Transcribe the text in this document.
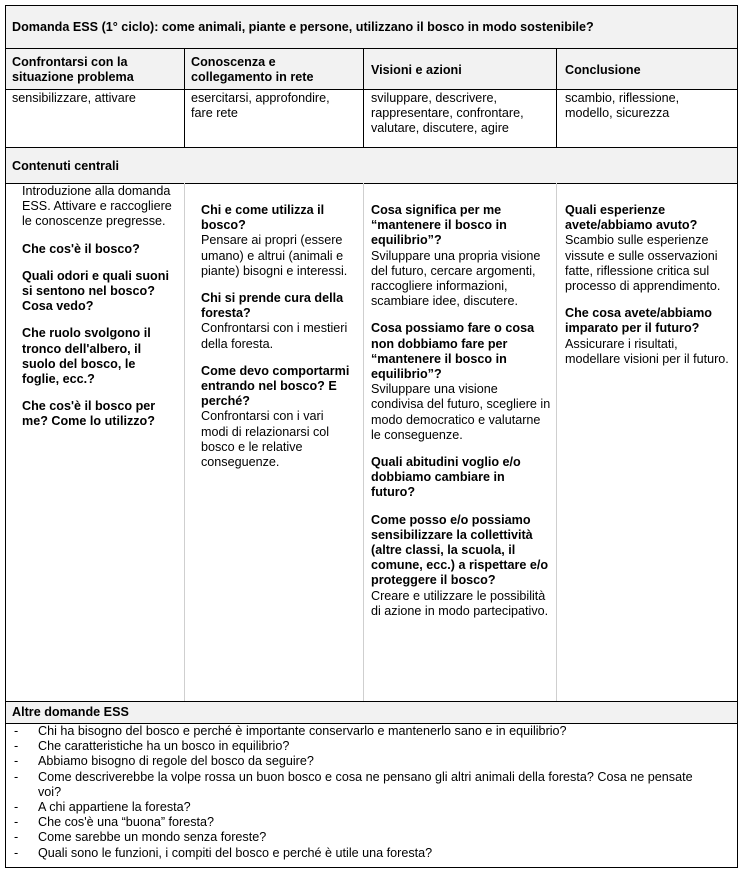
Domanda ESS (1° ciclo): come animali, piante e persone, utilizzano il bosco in modo sostenibile?
Confrontarsi con la situazione problema
Conoscenza e collegamento in rete
Visioni e azioni	Conclusione
sensibilizzare, attivare	esercitarsi, approfondire, fare rete
sviluppare, descrivere, rappresentare, confrontare, valutare, discutere, agire
scambio, riflessione, modello, sicurezza
Contenuti centrali

Introduzione alla domanda ESS. Attivare e raccogliere le conoscenze pregresse.

Che cos'è il bosco?

Quali odori e quali suoni si sentono nel bosco? Cosa vedo?

Che ruolo svolgono il tronco dell'albero, il suolo del bosco, le foglie, ecc.?

Che cos'è il bosco per me? Come lo utilizzo?

Chi e come utilizza il bosco?

Pensare ai propri (essere umano) e altrui (animali e piante) bisogni e interessi.

Chi si prende cura della foresta?

Confrontarsi con i mestieri della foresta.

Come devo comportarmi entrando nel bosco? E perché?

Confrontarsi con i vari modi di relazionarsi col bosco e le relative conseguenze.

Cosa significa per me “mantenere il bosco in equilibrio”?

Sviluppare una propria visione del futuro, cercare argomenti, raccogliere informazioni, scambiare idee, discutere.

Cosa possiamo fare o cosa non dobbiamo fare per “mantenere il bosco in equilibrio”?

Sviluppare una visione condivisa del futuro, scegliere in modo democratico e valutarne le conseguenze.

Quali abitudini voglio e/o dobbiamo cambiare in futuro?

Come posso e/o possiamo sensibilizzare la collettività (altre classi, la scuola, il comune, ecc.) a rispettare e/o proteggere il bosco?

Creare e utilizzare le possibilità di azione in modo partecipativo.

Quali esperienze avete/abbiamo avuto?

Scambio sulle esperienze vissute e sulle osservazioni fatte, riflessione critica sul processo di apprendimento.

Che cosa avete/abbiamo imparato per il futuro?

Assicurare i risultati, modellare visioni per il futuro.

Altre domande ESS
- Chi ha bisogno del bosco e perché è importante conservarlo e mantenerlo sano e in equilibrio?
- Che caratteristiche ha un bosco in equilibrio?
- Abbiamo bisogno di regole del bosco da seguire?
- Come descriverebbe la volpe rossa un buon bosco e cosa ne pensano gli altri animali della foresta? Cosa ne pensate voi?
- A chi appartiene la foresta?
- Che cos'è una “buona” foresta?
- Come sarebbe un mondo senza foreste?
- Quali sono le funzioni, i compiti del bosco e perché è utile una foresta?
